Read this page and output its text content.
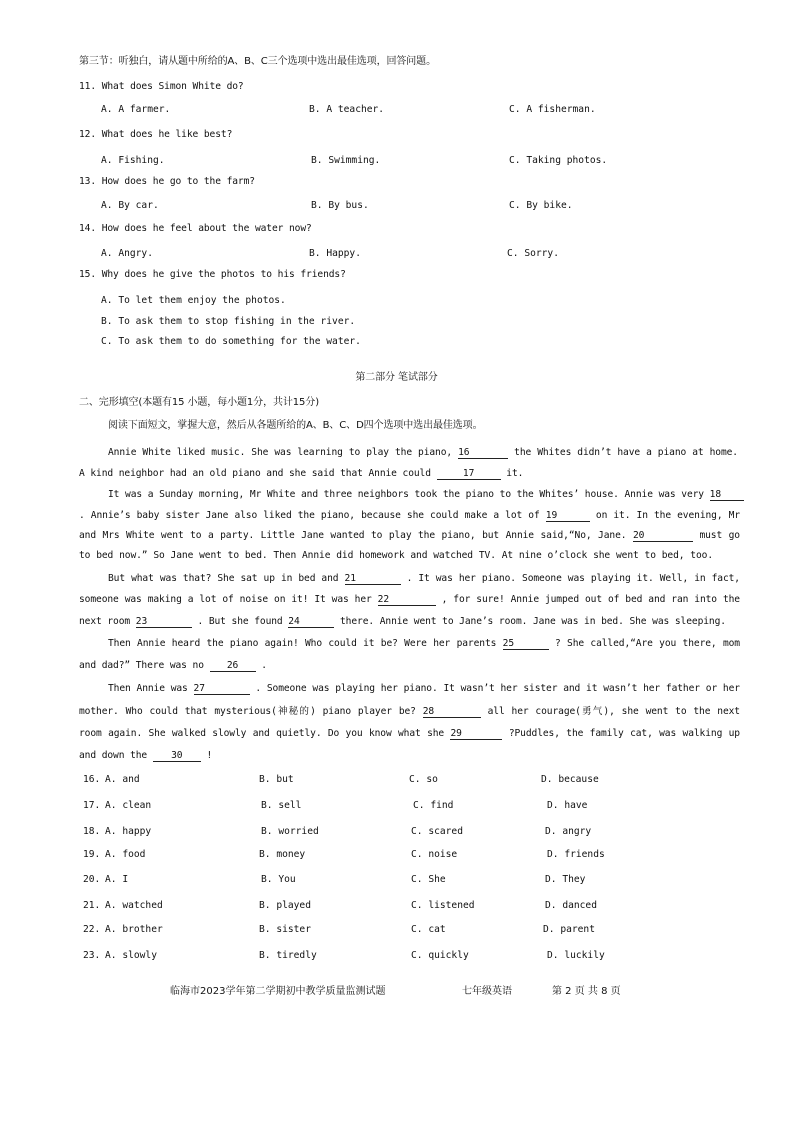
第三节：听独白，请从题中所给的A、B、C三个选项中选出最佳选项，回答问题。
11. What does Simon White do?
A. A farmer.	B. A teacher.	C. A fisherman.
12. What does he like best?
A. Fishing.	B. Swimming.	C. Taking photos.
13. How does he go to the farm?
A. By car.	B. By bus.	C. By bike.
14. How does he feel about the water now?
A. Angry.	B. Happy.	C. Sorry.
15. Why does he give the photos to his friends?
A. To let them enjoy the photos.
B. To ask them to stop fishing in the river.
C. To ask them to do something for the water.
第二部分 笔试部分
二、完形填空(本题有15 小题，每小题1分，共计15分)
阅读下面短文，掌握大意，然后从各题所给的A、B、C、D四个选项中选出最佳选项。
Annie White liked music. She was learning to play the piano, 16	the Whites didn’t have a piano at home.
A kind neighbor had an old piano and she said that Annie could	17	it.
It was a Sunday morning, Mr White and three neighbors took the piano to the Whites’ house. Annie was very 18
. Annie’s baby sister Jane also liked the piano, because she could make a lot of 19	on it. In the evening, Mr
and Mrs White went to a party. Little Jane wanted to play the piano, but Annie said,“No, Jane. 20	must go
to bed now.” So Jane went to bed. Then Annie did homework and watched TV. At nine o’clock she went to bed, too.
But what was that? She sat up in bed and 21	. It was her piano. Someone was playing it. Well, in fact,
someone was making a lot of noise on it! It was her 22	, for sure! Annie jumped out of bed and ran into the
next room 23	. But she found 24	there. Annie went to Jane’s room. Jane was in bed. She was sleeping.
Then Annie heard the piano again! Who could it be? Were her parents 25	? She called,“Are you there, mom
and dad?” There was no 26 .
Then Annie was 27	. Someone was playing her piano. It wasn’t her sister and it wasn’t her father or her
mother. Who could that mysterious(神秘的) piano player be? 28	all her courage(勇气), she went to the next
room again. She walked slowly and quietly. Do you know what she 29	?Puddles, the family cat, was walking up
and down the	30	!
16. A. and	B. but	C. so	D. because
17. A. clean	B. sell	C. find	D. have
18. A. happy	B. worried	C. scared	D. angry
19. A. food	B. money	C. noise	D. friends
20. A. I	B. You	C. She	D. They
21. A. watched	B. played	C. listened	D. danced
22. A. brother	B. sister	C. cat	D. parent
23. A. slowly	B. tiredly	C. quickly	D. luckily
临海市2023学年第二学期初中教学质量监测试题	七年级英语	第 2 页 共 8 页
